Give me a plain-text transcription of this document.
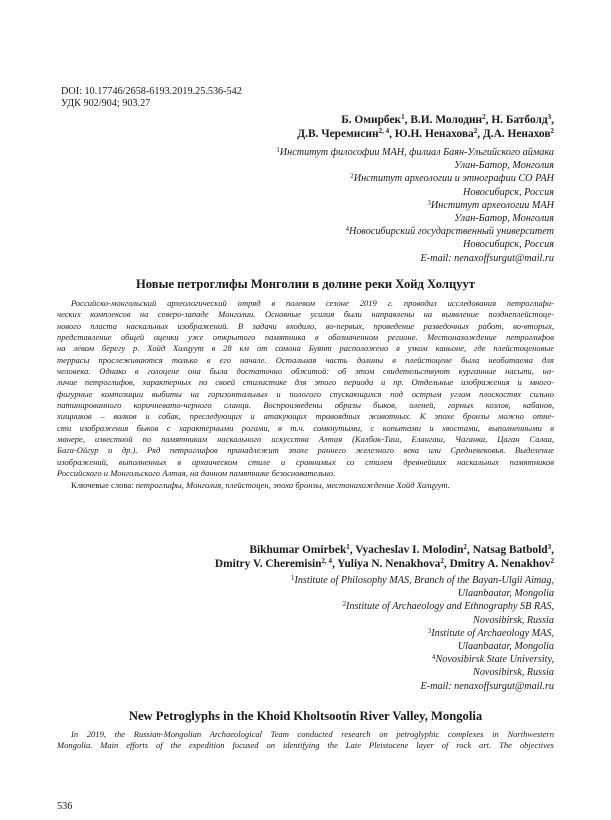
DOI: 10.17746/2658-6193.2019.25.536-542
УДК 902/904; 903.27
Б. Омирбек$^1$, В.И. Молодин$^2$, Н. Батболд$^3$,
Д.В. Черемисин$^{2, 4}$, Ю.Н. Ненахова$^2$, Д.А. Ненахов$^2$
$^1$Институт философии МАН, филиал Баян-Ульгийского аймака
Улан-Батор, Монголия
$^2$Институт археологии и этнографии СО РАН
Новосибирск, Россия
$^3$Институт археологии МАН
Улан-Батор, Монголия
$^4$Новосибирский государственный университет
Новосибирск, Россия
E-mail: nenaxoffsurgut@mail.ru
Новые петроглифы Монголии в долине реки Хойд Холцуут
Российско-монгольский археологический отряд в полевом сезоне 2019 г. проводил исследования петроглифи-
ческих комплексов на северо-западе Монголии. Основные усилия были направлены на выявление позднеплейстоце-
нового пласта наскальных изображений. В задачи входило, во-первых, проведение разведочных работ, во-вторых,
представление общей оценки уже открытого памятника в обозначенном регионе. Местонахождение петроглифов
на левом берегу р. Хойд Холцуут в 28 км от сомона Буянт расположено в узком каньоне, где плейстоценовые
террасы прослеживаются только в его начале. Остальная часть долины в плейстоцене была необитаема для
человека. Однако в голоцене она была достаточно обжитой: об этом свидетельствуют курганные насыпи, на-
личие петроглифов, характерных по своей стилистике для этого периода и пр. Отдельные изображения и много-
фигурные композиции выбиты на горизонтальных и пологого спускающихся под острым углом плоскостях сильно
патинированного коричневато-черного сланца. Воспроизведены образы быков, оленей, горных козлов, кабанов,
хищников – волков и собак, преследующих и атакующих травоядных животных. К эпохе бронзы можно отне-
сти изображения быков с характерными рогами, в т.ч. сомкнутыми, с копытами и хвостами, выполненными в
манере, известной по памятникам наскального искусства Алтая (Калбак-Таш, Елангаш, Чаганка, Цаган Салаа,
Бага-Ойгур и др.). Ряд петроглифов принадлежит эпохе раннего железного века или Средневековья. Выделение
изображений, выполненных в архаическом стиле и сравнимых со стилем древнейших наскальных памятников
Российского и Монгольского Алтая, на данном памятнике безосновательно.
Ключевые слова: петроглифы, Монголия, плейстоцен, эпоха бронзы, местонахождение Хойд Холцуут.
Bikhumar Omirbek$^1$, Vyacheslav I. Molodin$^2$, Natsag Batbold$^3$,
Dmitry V. Cheremisin$^{2, 4}$, Yuliya N. Nenakhova$^2$, Dmitry A. Nenakhov$^2$
$^1$Institute of Philosophy MAS, Branch of the Bayan-Ulgii Aimag,
Ulaanbaatar, Mongolia
$^2$Institute of Archaeology and Ethnography SB RAS,
Novosibirsk, Russia
$^3$Institute of Archaeology MAS,
Ulaanbaatar, Mongolia
$^4$Novosibirsk State University,
Novosibirsk, Russia
E-mail: nenaxoffsurgut@mail.ru
New Petroglyphs in the Khoid Kholtsootin River Valley, Mongolia
In 2019, the Russian-Mongolian Archaeological Team conducted research on petroglyphic complexes in Northwestern
Mongolia. Main efforts of the expedition focused on identifying the Late Pleistocene layer of rock art. The objectives
536
